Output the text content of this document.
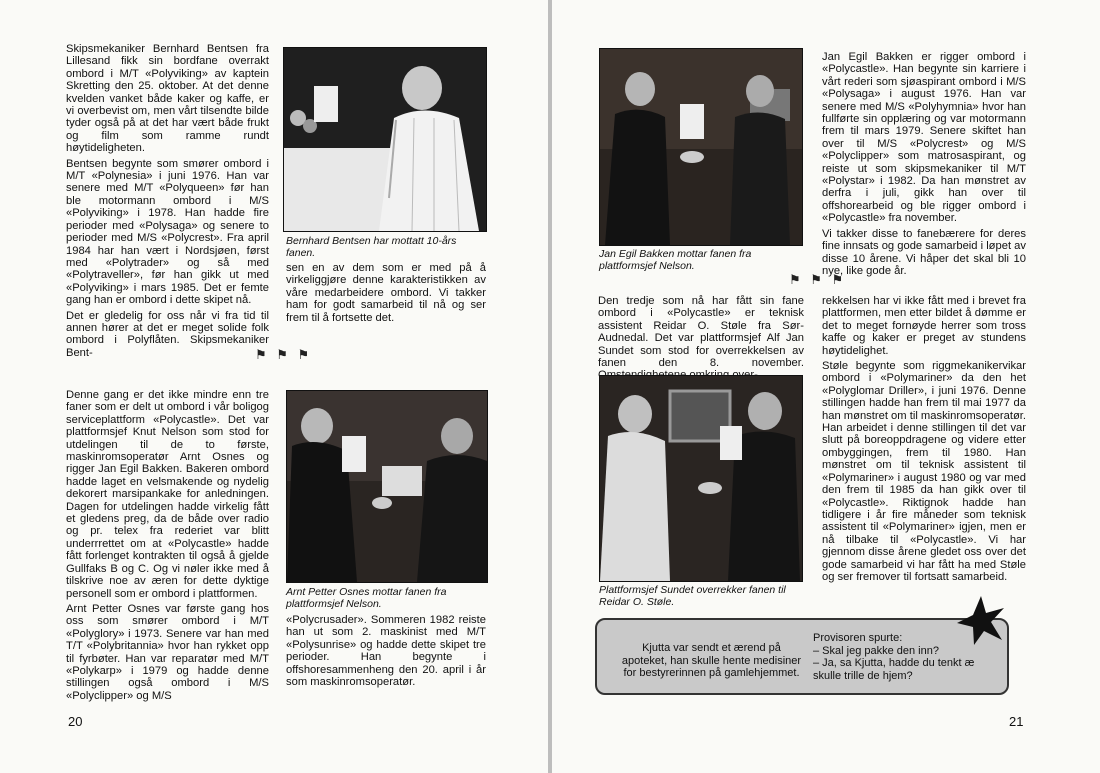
Skipsmekaniker Bernhard Bentsen fra Lillesand fikk sin bordfane overrakt ombord i M/T «Polyviking» av kaptein Skretting den 25. oktober. At det denne kvelden vanket både kaker og kaffe, er vi overbevist om, men vårt tilsendte bilde tyder også på at det har vært både frukt og film som ramme rundt høytideligheten.

Bentsen begynte som smører ombord i M/T «Polynesia» i juni 1976. Han var senere med M/T «Polyqueen» før han ble motormann ombord i M/S «Polyviking» i 1978. Han hadde fire perioder med «Polysaga» og senere to perioder med M/S «Polycrest». Fra april 1984 har han vært i Nordsjøen, først med «Polytrader» og så med «Polytraveller», før han gikk ut med «Polyviking» i mars 1985. Det er femte gang han er ombord i dette skipet nå.

Det er gledelig for oss når vi fra tid til annen hører at det er meget solide folk ombord i Polyflåten. Skipsmekaniker Bent-

Bernhard Bentsen har mottatt 10-års fanen.

sen en av dem som er med på å virkeliggjøre denne karakteristikken av våre medarbeidere ombord. Vi takker ham for godt samarbeid til nå og ser frem til å fortsette det.

⚑ ⚑ ⚑

Denne gang er det ikke mindre enn tre faner som er delt ut ombord i vår boligog serviceplattform «Polycastle». Det var plattformsjef Knut Nelson som stod for utdelingen til de to første, maskinromsoperatør Arnt Osnes og rigger Jan Egil Bakken. Bakeren ombord hadde laget en velsmakende og nydelig dekorert marsipankake for anledningen. Dagen for utdelingen hadde virkelig fått et gledens preg, da de både over radio og pr. telex fra rederiet var blitt underrrettet om at «Polycastle» hadde fått forlenget kontrakten til også å gjelde Gullfaks B og C. Og vi nøler ikke med å tilskrive noe av æren for dette dyktige personell som er ombord i plattformen.

Arnt Petter Osnes var første gang hos oss som smører ombord i M/T «Polyglory» i 1973. Senere var han med T/T «Polybritannia» hvor han rykket opp til fyrbøter. Han var reparatør med M/T «Polykarp» i 1979 og hadde denne stillingen også ombord i M/S «Polyclipper» og M/S

Arnt Petter Osnes mottar fanen fra plattformsjef Nelson.

«Polycrusader». Sommeren 1982 reiste han ut som 2. maskinist med M/T «Polysunrise» og hadde dette skipet tre perioder. Han begynte i offshoresammenheng den 20. april i år som maskinromsoperatør.

20
Jan Egil Bakken mottar fanen fra plattformsjef Nelson.

Jan Egil Bakken er rigger ombord i «Polycastle». Han begynte sin karriere i vårt rederi som sjøaspirant ombord i M/S «Polysaga» i august 1976. Han var senere med M/S «Polyhymnia» hvor han fullførte sin opplæring og var motormann frem til mars 1979. Senere skiftet han over til M/S «Polycrest» og M/S «Polyclipper» som matrosaspirant, og reiste ut som skipsmekaniker til M/T «Polystar» i 1982. Da han mønstret av derfra i juli, gikk han over til offshorearbeid og ble rigger ombord i «Polycastle» fra november.

Vi takker disse to fanebærere for deres fine innsats og gode samarbeid i løpet av disse 10 årene. Vi håper det skal bli 10 nye, like gode år.

⚑ ⚑ ⚑

Den tredje som nå har fått sin fane ombord i «Polycastle» er teknisk assistent Reidar O. Støle fra Sør-Audnedal. Det var plattformsjef Alf Jan Sundet som stod for overrekkelsen av fanen den 8. november.

Plattformsjef Sundet overrekker fanen til Reidar O. Støle.

rekkelsen har vi ikke fått med i brevet fra plattformen, men etter bildet å dømme er det to meget fornøyde herrer som tross kaffe og kaker er preget av stundens høytidelighet.

Støle begynte som riggmekanikervikar ombord i «Polymariner» da den het «Polyglomar Driller», i juni 1976. Denne stillingen hadde han frem til mai 1977 da han mønstret om til maskinromsoperatør. Han arbeidet i denne stillingen til det var slutt på boreoppdragene og videre etter ombyggingen, frem til 1980. Han mønstret om til teknisk assistent til «Polymariner» i august 1980 og var med den frem til 1985 da han gikk over til «Polycastle». Riktignok hadde han tidligere i år fire måneder som teknisk assistent til «Polymariner» igjen, men er nå tilbake til «Polycastle». Vi har gjennom disse årene gledet oss over det gode samarbeid vi har fått ha med Støle og ser fremover til fortsatt samarbeid.

21
Kjutta var sendt et ærend på apoteket, han skulle hente medisiner for bestyrerinnen på gamlehjemmet.
Provisoren spurte:
– Skal jeg pakke den inn?
– Ja, sa Kjutta, hadde du tenkt æ skulle trille de hjem?
